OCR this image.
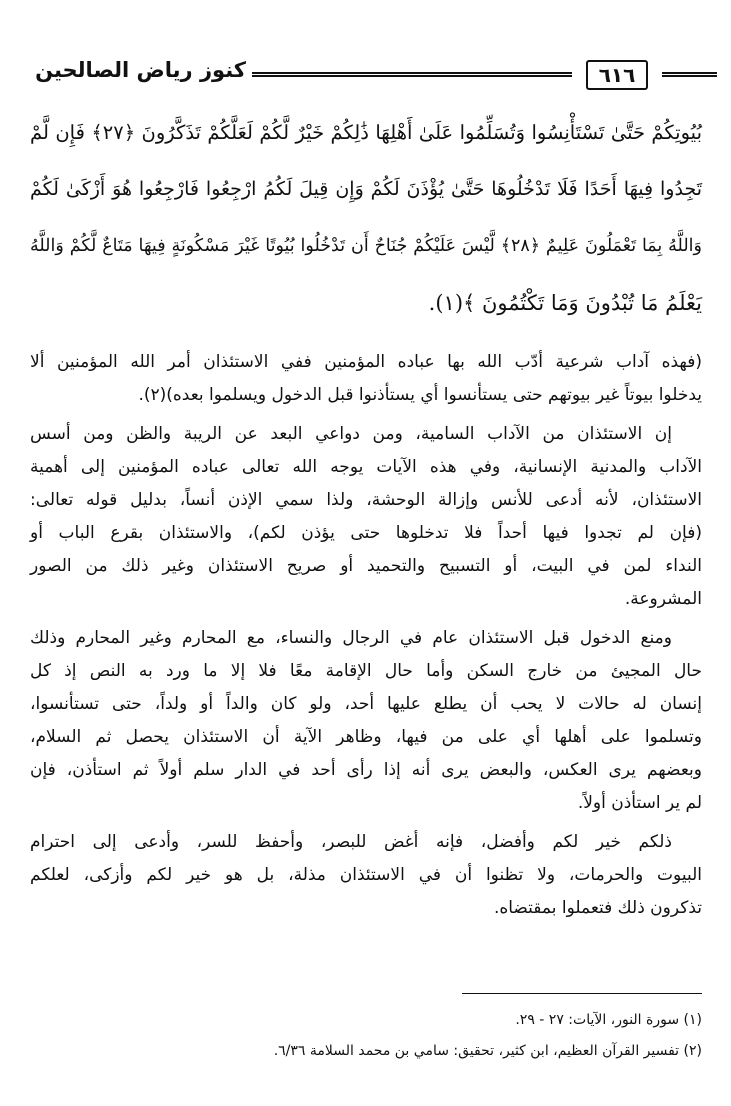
٦١٦
كنوز رياض الصالحين

بُيُوتِكُمْ حَتَّىٰ تَسْتَأْنِسُوا وَتُسَلِّمُوا عَلَىٰ أَهْلِهَا ذَٰلِكُمْ خَيْرٌ لَّكُمْ لَعَلَّكُمْ تَذَكَّرُونَ ﴿٢٧﴾ فَإِن لَّمْ

تَجِدُوا فِيهَا أَحَدًا فَلَا تَدْخُلُوهَا حَتَّىٰ يُؤْذَنَ لَكُمْ وَإِن قِيلَ لَكُمُ ارْجِعُوا فَارْجِعُوا هُوَ أَزْكَىٰ لَكُمْ

وَاللَّهُ بِمَا تَعْمَلُونَ عَلِيمٌ ﴿٢٨﴾ لَّيْسَ عَلَيْكُمْ جُنَاحٌ أَن تَدْخُلُوا بُيُوتًا غَيْرَ مَسْكُونَةٍ فِيهَا مَتَاعٌ لَّكُمْ وَاللَّهُ

يَعْلَمُ مَا تُبْدُونَ وَمَا تَكْتُمُونَ ﴾(١).

(فهذه آداب شرعية أدّب الله بها عباده المؤمنين ففي الاستئذان أمر الله المؤمنين ألا

يدخلوا بيوتاً غير بيوتهم حتى يستأنسوا أي يستأذنوا قبل الدخول ويسلموا بعده)(٢).

إن الاستئذان من الآداب السامية، ومن دواعي البعد عن الريبة والظن ومن أسس

الآداب والمدنية الإنسانية، وفي هذه الآيات يوجه الله تعالى عباده المؤمنين إلى أهمية

الاستئذان، لأنه أدعى للأنس وإزالة الوحشة، ولذا سمي الإذن أنساً، بدليل قوله تعالى:

(فإن لم تجدوا فيها أحداً فلا تدخلوها حتى يؤذن لكم)، والاستئذان بقرع الباب أو

النداء لمن في البيت، أو التسبيح والتحميد أو صريح الاستئذان وغير ذلك من الصور

المشروعة.

ومنع الدخول قبل الاستئذان عام في الرجال والنساء، مع المحارم وغير المحارم وذلك

حال المجيئ من خارج السكن وأما حال الإقامة معًا فلا إلا ما ورد به النص إذ كل

إنسان له حالات لا يحب أن يطلع عليها أحد، ولو كان والداً أو ولداً، حتى تستأنسوا،

وتسلموا على أهلها أي على من فيها، وظاهر الآية أن الاستئذان يحصل ثم السلام،

وبعضهم يرى العكس، والبعض يرى أنه إذا رأى أحد في الدار سلم أولاً ثم استأذن، فإن

لم ير استأذن أولاً.

ذلكم خير لكم وأفضل، فإنه أغض للبصر، وأحفظ للسر، وأدعى إلى احترام

البيوت والحرمات، ولا تظنوا أن في الاستئذان مذلة، بل هو خير لكم وأزكى، لعلكم

تذكرون ذلك فتعملوا بمقتضاه.

(١) سورة النور، الآيات: ٢٧ - ٢٩.

(٢) تفسير القرآن العظيم، ابن كثير، تحقيق: سامي بن محمد السلامة ٦/٣٦.
